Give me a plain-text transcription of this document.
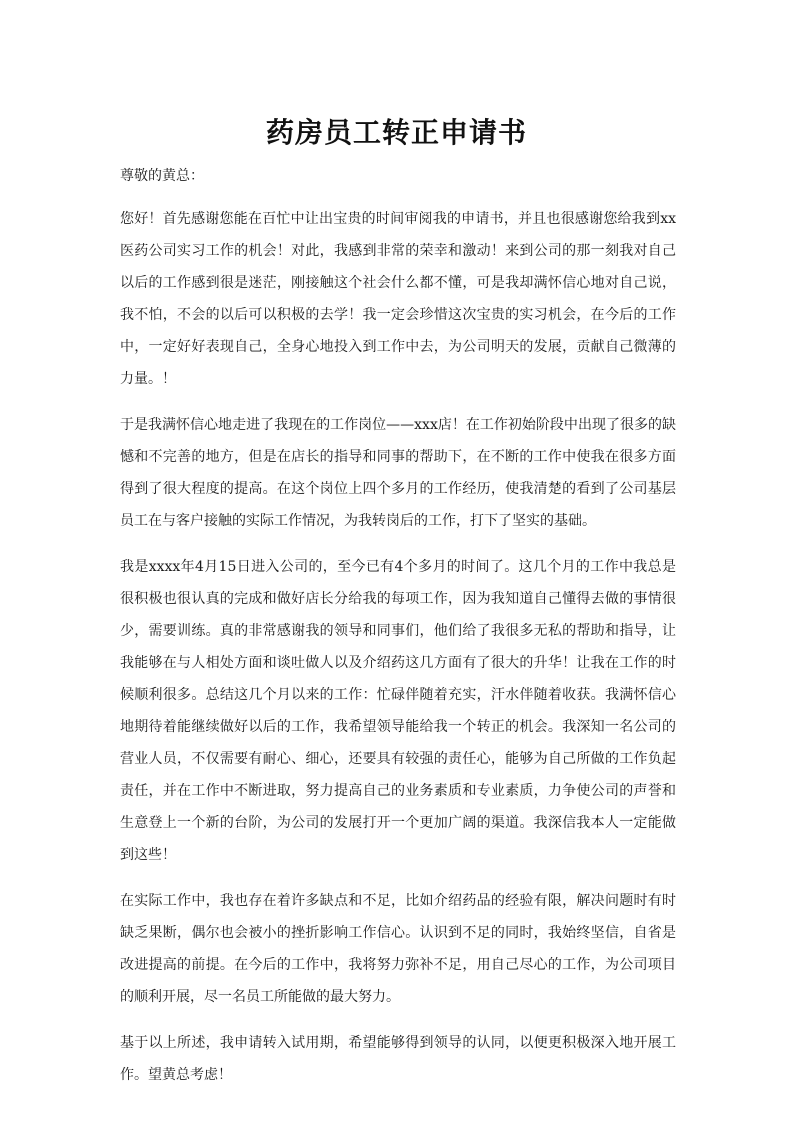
药房员工转正申请书

尊敬的黄总：

您好！首先感谢您能在百忙中让出宝贵的时间审阅我的申请书，并且也很感谢您给我到xx医药公司实习工作的机会！对此，我感到非常的荣幸和激动！来到公司的那一刻我对自己以后的工作感到很是迷茫，刚接触这个社会什么都不懂，可是我却满怀信心地对自己说，我不怕，不会的以后可以积极的去学！我一定会珍惜这次宝贵的实习机会，在今后的工作中，一定好好表现自己，全身心地投入到工作中去，为公司明天的发展，贡献自己微薄的力量。！

于是我满怀信心地走进了我现在的工作岗位——xxx店！在工作初始阶段中出现了很多的缺憾和不完善的地方，但是在店长的指导和同事的帮助下，在不断的工作中使我在很多方面得到了很大程度的提高。在这个岗位上四个多月的工作经历，使我清楚的看到了公司基层员工在与客户接触的实际工作情况，为我转岗后的工作，打下了坚实的基础。

我是xxxx年4月15日进入公司的，至今已有4个多月的时间了。这几个月的工作中我总是很积极也很认真的完成和做好店长分给我的每项工作，因为我知道自己懂得去做的事情很少，需要训练。真的非常感谢我的领导和同事们，他们给了我很多无私的帮助和指导，让我能够在与人相处方面和谈吐做人以及介绍药这几方面有了很大的升华！让我在工作的时候顺利很多。总结这几个月以来的工作：忙碌伴随着充实，汗水伴随着收获。我满怀信心地期待着能继续做好以后的工作，我希望领导能给我一个转正的机会。我深知一名公司的营业人员，不仅需要有耐心、细心，还要具有较强的责任心，能够为自己所做的工作负起责任，并在工作中不断进取，努力提高自己的业务素质和专业素质，力争使公司的声誉和生意登上一个新的台阶，为公司的发展打开一个更加广阔的渠道。我深信我本人一定能做到这些！

在实际工作中，我也存在着许多缺点和不足，比如介绍药品的经验有限，解决问题时有时缺乏果断，偶尔也会被小的挫折影响工作信心。认识到不足的同时，我始终坚信，自省是改进提高的前提。在今后的工作中，我将努力弥补不足，用自己尽心的工作，为公司项目的顺利开展，尽一名员工所能做的最大努力。

基于以上所述，我申请转入试用期，希望能够得到领导的认同，以便更积极深入地开展工作。望黄总考虑！
